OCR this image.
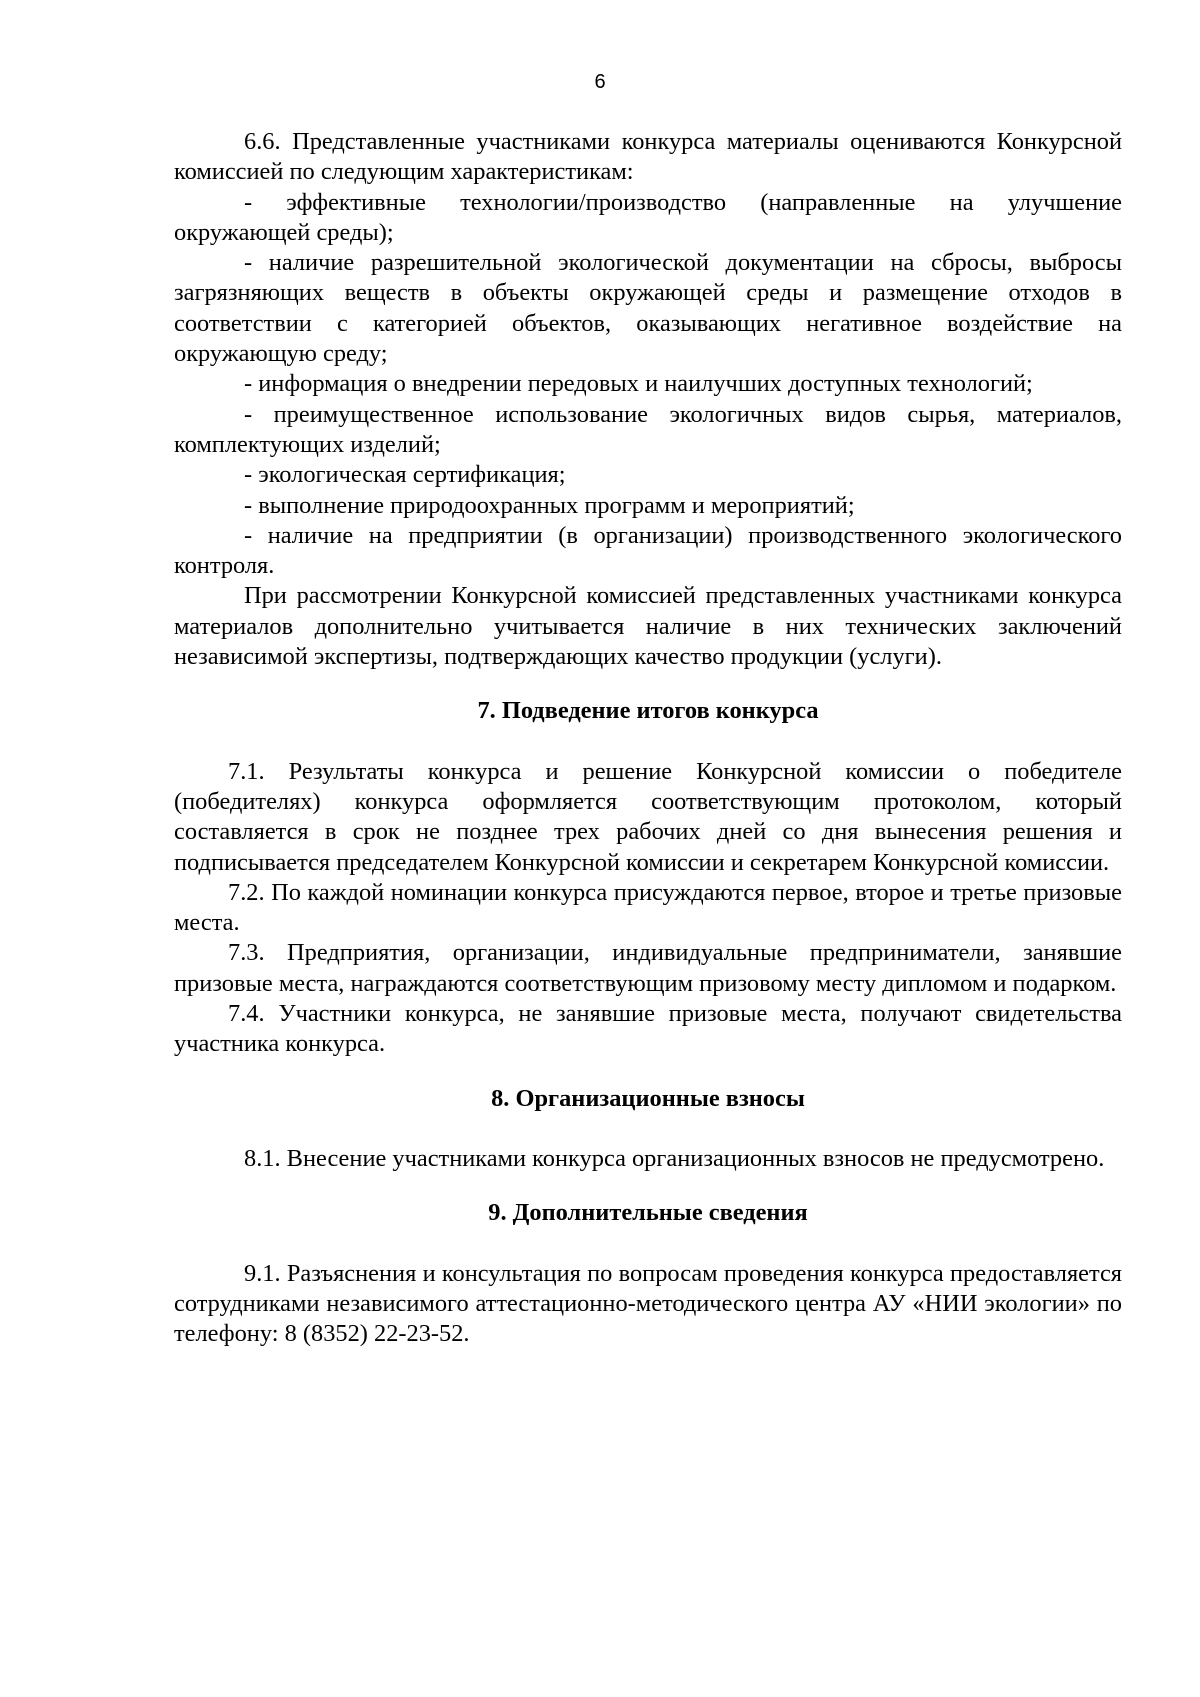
6

6.6. Представленные участниками конкурса материалы оцениваются Конкурсной комиссией по следующим характеристикам:

- эффективные технологии/производство (направленные на улучшение окружающей среды);

- наличие разрешительной экологической документации на сбросы, выбросы загрязняющих веществ в объекты окружающей среды и размещение отходов в соответствии с категорией объектов, оказывающих негативное воздействие на окружающую среду;

- информация о внедрении передовых и наилучших доступных технологий;

- преимущественное использование экологичных видов сырья, материалов, комплектующих изделий;

- экологическая сертификация;

- выполнение природоохранных программ и мероприятий;

- наличие на предприятии (в организации) производственного экологического контроля.

При рассмотрении Конкурсной комиссией представленных участниками конкурса материалов дополнительно учитывается наличие в них технических заключений независимой экспертизы, подтверждающих качество продукции (услуги).

7. Подведение итогов конкурса

7.1. Результаты конкурса и решение Конкурсной комиссии о победителе (победителях) конкурса оформляется соответствующим протоколом, который составляется в срок не позднее трех рабочих дней со дня вынесения решения и подписывается председателем Конкурсной комиссии и секретарем Конкурсной комиссии.

7.2. По каждой номинации конкурса присуждаются первое, второе и третье призовые места.

7.3. Предприятия, организации, индивидуальные предприниматели, занявшие призовые места, награждаются соответствующим призовому месту дипломом и подарком.

7.4. Участники конкурса, не занявшие призовые места, получают свидетельства участника конкурса.

8. Организационные взносы

8.1. Внесение участниками конкурса организационных взносов не предусмотрено.

9. Дополнительные сведения

9.1. Разъяснения и консультация по вопросам проведения конкурса предоставляется сотрудниками независимого аттестационно-методического центра АУ «НИИ экологии» по телефону: 8 (8352) 22-23-52.
